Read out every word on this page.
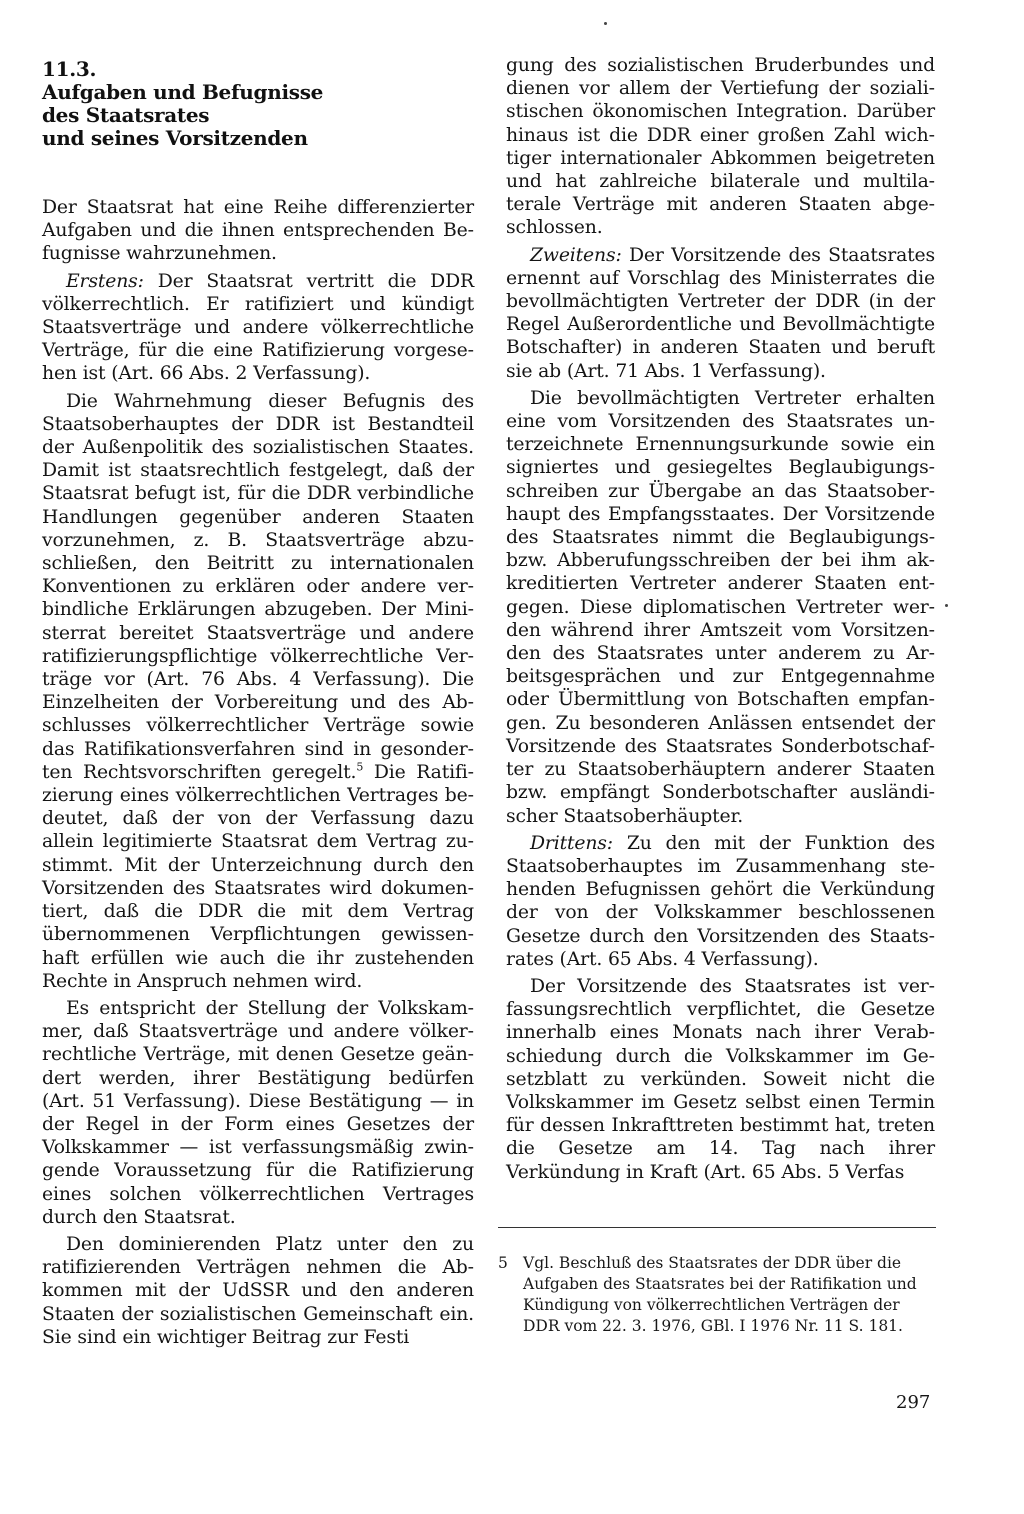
11.3.
Aufgaben und Befugnisse
des Staatsrates
und seines Vorsitzenden

Der Staatsrat hat eine Reihe differenzierter Aufgaben und die ihnen entsprechenden Befugnisse wahrzunehmen.

Erstens: Der Staatsrat vertritt die DDR völkerrechtlich. Er ratifiziert und kündigt Staatsverträge und andere völkerrechtliche Verträge, für die eine Ratifizierung vorgesehen ist (Art. 66 Abs. 2 Verfassung).

Die Wahrnehmung dieser Befugnis des Staatsoberhauptes der DDR ist Bestandteil der Außenpolitik des sozialistischen Staates. Damit ist staatsrechtlich festgelegt, daß der Staatsrat befugt ist, für die DDR verbindliche Handlungen gegenüber anderen Staaten vorzunehmen, z. B. Staatsverträge abzuschließen, den Beitritt zu internationalen Konventionen zu erklären oder andere verbindliche Erklärungen abzugeben. Der Ministerrat bereitet Staatsverträge und andere ratifizierungspflichtige völkerrechtliche Verträge vor (Art. 76 Abs. 4 Verfassung). Die Einzelheiten der Vorbereitung und des Abschlusses völkerrechtlicher Verträge sowie das Ratifikationsverfahren sind in gesonderten Rechtsvorschriften geregelt.$^5$ Die Ratifizierung eines völkerrechtlichen Vertrages bedeutet, daß der von der Verfassung dazu allein legitimierte Staatsrat dem Vertrag zustimmt. Mit der Unterzeichnung durch den Vorsitzenden des Staatsrates wird dokumentiert, daß die DDR die mit dem Vertrag übernommenen Verpflichtungen gewissenhaft erfüllen wie auch die ihr zustehenden Rechte in Anspruch nehmen wird.

Es entspricht der Stellung der Volkskammer, daß Staatsverträge und andere völkerrechtliche Verträge, mit denen Gesetze geändert werden, ihrer Bestätigung bedürfen (Art. 51 Verfassung). Diese Bestätigung — in der Regel in der Form eines Gesetzes der Volkskammer — ist verfassungsmäßig zwingende Voraussetzung für die Ratifizierung eines solchen völkerrechtlichen Vertrages durch den Staatsrat.

Den dominierenden Platz unter den zu ratifizierenden Verträgen nehmen die Abkommen mit der UdSSR und den anderen Staaten der sozialistischen Gemeinschaft ein. Sie sind ein wichtiger Beitrag zur Festi

gung des sozialistischen Bruderbundes und dienen vor allem der Vertiefung der sozialistischen ökonomischen Integration. Darüber hinaus ist die DDR einer großen Zahl wichtiger internationaler Abkommen beigetreten und hat zahlreiche bilaterale und multilaterale Verträge mit anderen Staaten abgeschlossen.

Zweitens: Der Vorsitzende des Staatsrates ernennt auf Vorschlag des Ministerrates die bevollmächtigten Vertreter der DDR (in der Regel Außerordentliche und Bevollmächtigte Botschafter) in anderen Staaten und beruft sie ab (Art. 71 Abs. 1 Verfassung).

Die bevollmächtigten Vertreter erhalten eine vom Vorsitzenden des Staatsrates unterzeichnete Ernennungsurkunde sowie ein signiertes und gesiegeltes Beglaubigungsschreiben zur Übergabe an das Staatsoberhaupt des Empfangsstaates. Der Vorsitzende des Staatsrates nimmt die Beglaubigungs- bzw. Abberufungsschreiben der bei ihm akkreditierten Vertreter anderer Staaten entgegen. Diese diplomatischen Vertreter werden während ihrer Amtszeit vom Vorsitzenden des Staatsrates unter anderem zu Arbeitsgesprächen und zur Entgegennahme oder Übermittlung von Botschaften empfangen. Zu besonderen Anlässen entsendet der Vorsitzende des Staatsrates Sonderbotschafter zu Staatsoberhäuptern anderer Staaten bzw. empfängt Sonderbotschafter ausländischer Staatsoberhäupter.

Drittens: Zu den mit der Funktion des Staatsoberhauptes im Zusammenhang stehenden Befugnissen gehört die Verkündung der von der Volkskammer beschlossenen Gesetze durch den Vorsitzenden des Staatsrates (Art. 65 Abs. 4 Verfassung).

Der Vorsitzende des Staatsrates ist verfassungsrechtlich verpflichtet, die Gesetze innerhalb eines Monats nach ihrer Verabschiedung durch die Volkskammer im Gesetzblatt zu verkünden. Soweit nicht die Volkskammer im Gesetz selbst einen Termin für dessen Inkrafttreten bestimmt hat, treten die Gesetze am 14. Tag nach ihrer Verkündung in Kraft (Art. 65 Abs. 5 Verfas

5 Vgl. Beschluß des Staatsrates der DDR über die Aufgaben des Staatsrates bei der Ratifikation und Kündigung von völkerrechtlichen Verträgen der DDR vom 22. 3. 1976, GBl. I 1976 Nr. 11 S. 181.
297
